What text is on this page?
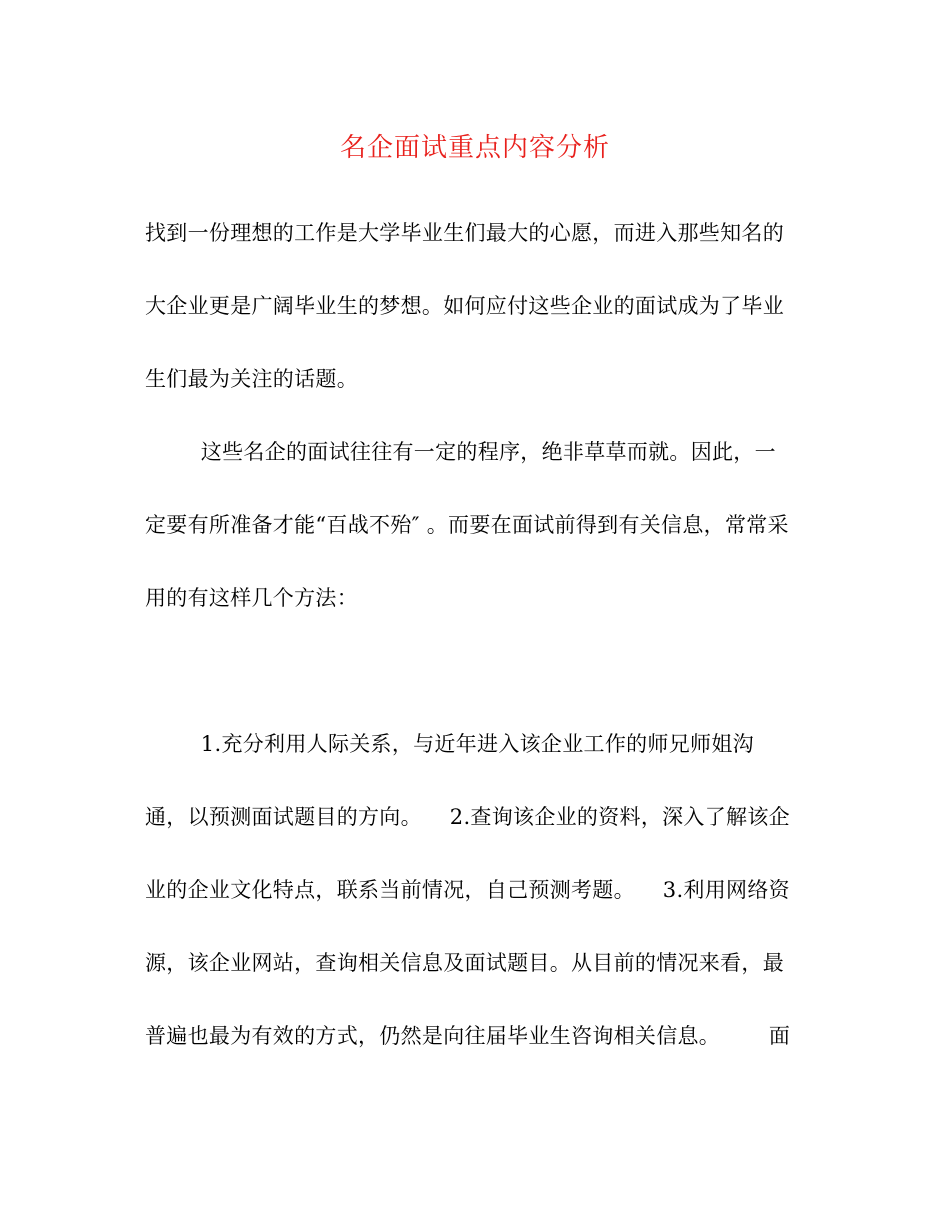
名企面试重点内容分析
找到一份理想的工作是大学毕业生们最大的心愿，而进入那些知名的
大企业更是广阔毕业生的梦想。如何应付这些企业的面试成为了毕业
生们最为关注的话题。
这些名企的面试往往有一定的程序，绝非草草而就。因此，一
定要有所准备才能“百战不殆″ 。而要在面试前得到有关信息，常常采
用的有这样几个方法：
1.充分利用人际关系，与近年进入该企业工作的师兄师姐沟
通，以预测面试题目的方向。    2.查询该企业的资料，深入了解该企
业的企业文化特点，联系当前情况，自己预测考题。    3.利用网络资
源，该企业网站，查询相关信息及面试题目。从目前的情况来看，最
普遍也最为有效的方式，仍然是向往届毕业生咨询相关信息。       面
